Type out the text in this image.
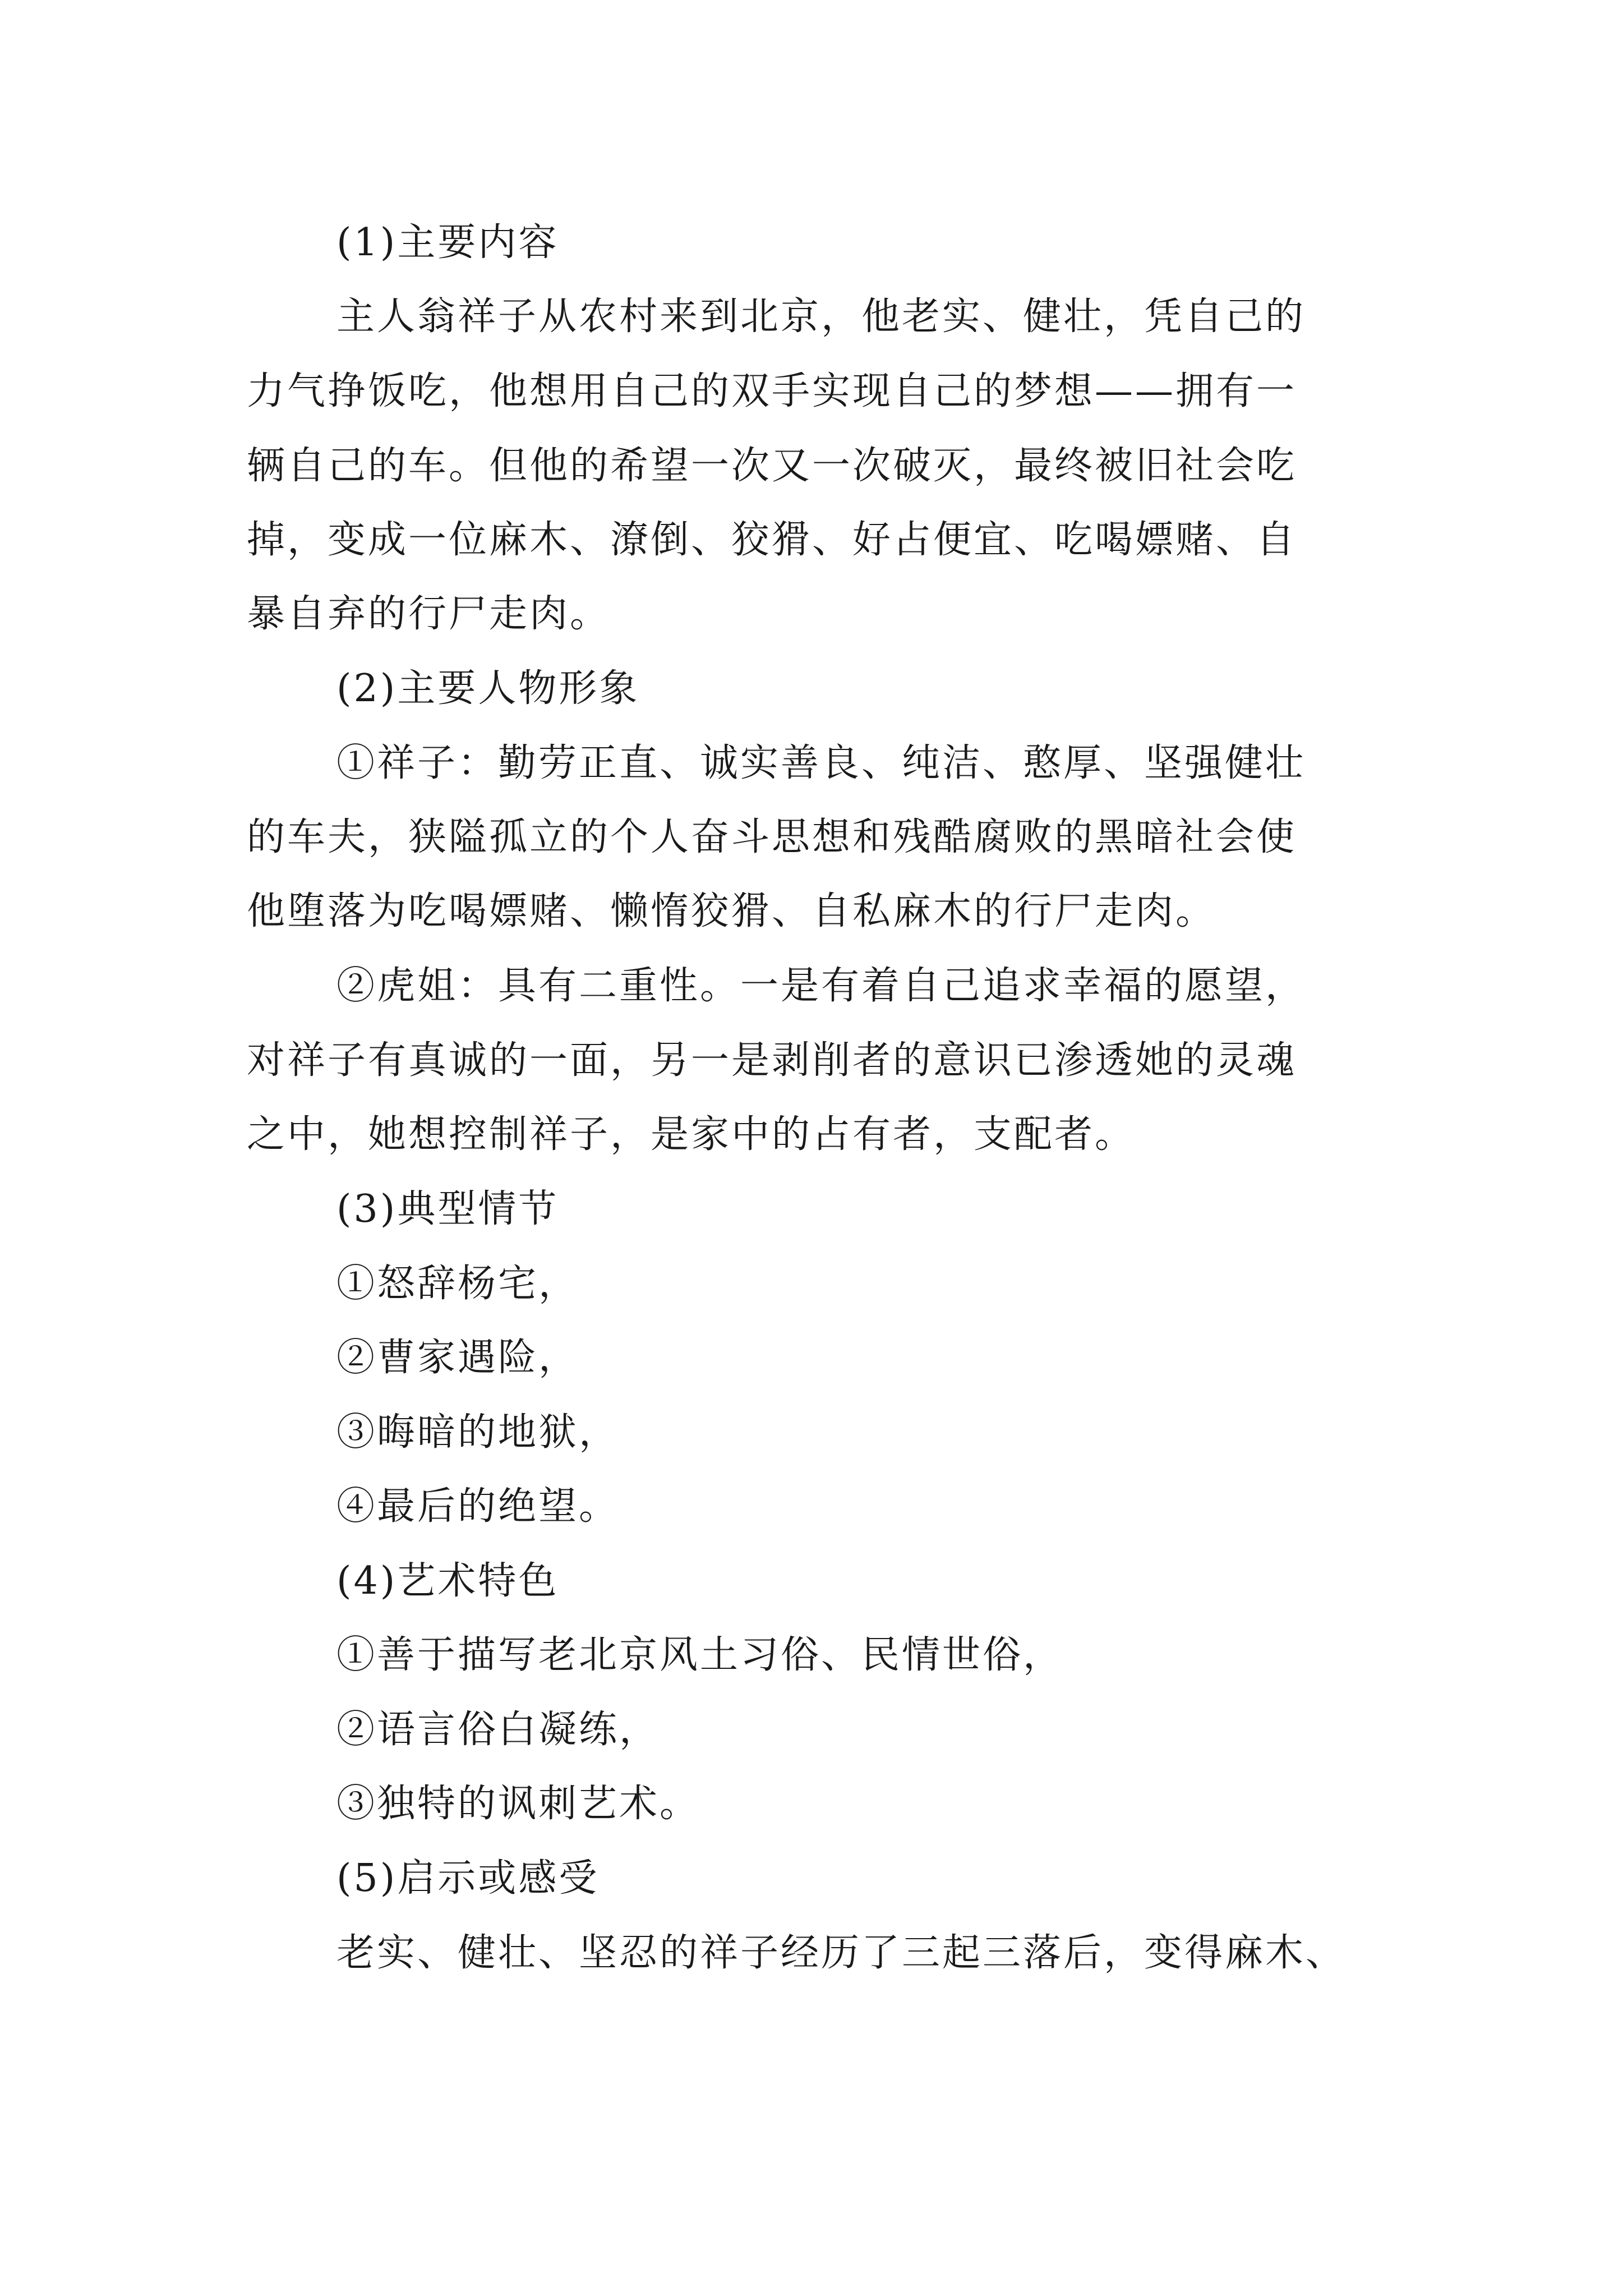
(1)主要内容
主人翁祥子从农村来到北京，他老实、健壮，凭自己的
力气挣饭吃，他想用自己的双手实现自己的梦想——拥有一
辆自己的车。但他的希望一次又一次破灭，最终被旧社会吃
掉，变成一位麻木、潦倒、狡猾、好占便宜、吃喝嫖赌、自
暴自弃的行尸走肉。
(2)主要人物形象
①祥子：勤劳正直、诚实善良、纯洁、憨厚、坚强健壮
的车夫，狭隘孤立的个人奋斗思想和残酷腐败的黑暗社会使
他堕落为吃喝嫖赌、懒惰狡猾、自私麻木的行尸走肉。
②虎姐：具有二重性。一是有着自己追求幸福的愿望，
对祥子有真诚的一面，另一是剥削者的意识已渗透她的灵魂
之中，她想控制祥子，是家中的占有者，支配者。
(3)典型情节
①怒辞杨宅，
②曹家遇险，
③晦暗的地狱，
④最后的绝望。
(4)艺术特色
①善于描写老北京风土习俗、民情世俗，
②语言俗白凝练，
③独特的讽刺艺术。
(5)启示或感受
老实、健壮、坚忍的祥子经历了三起三落后，变得麻木、
